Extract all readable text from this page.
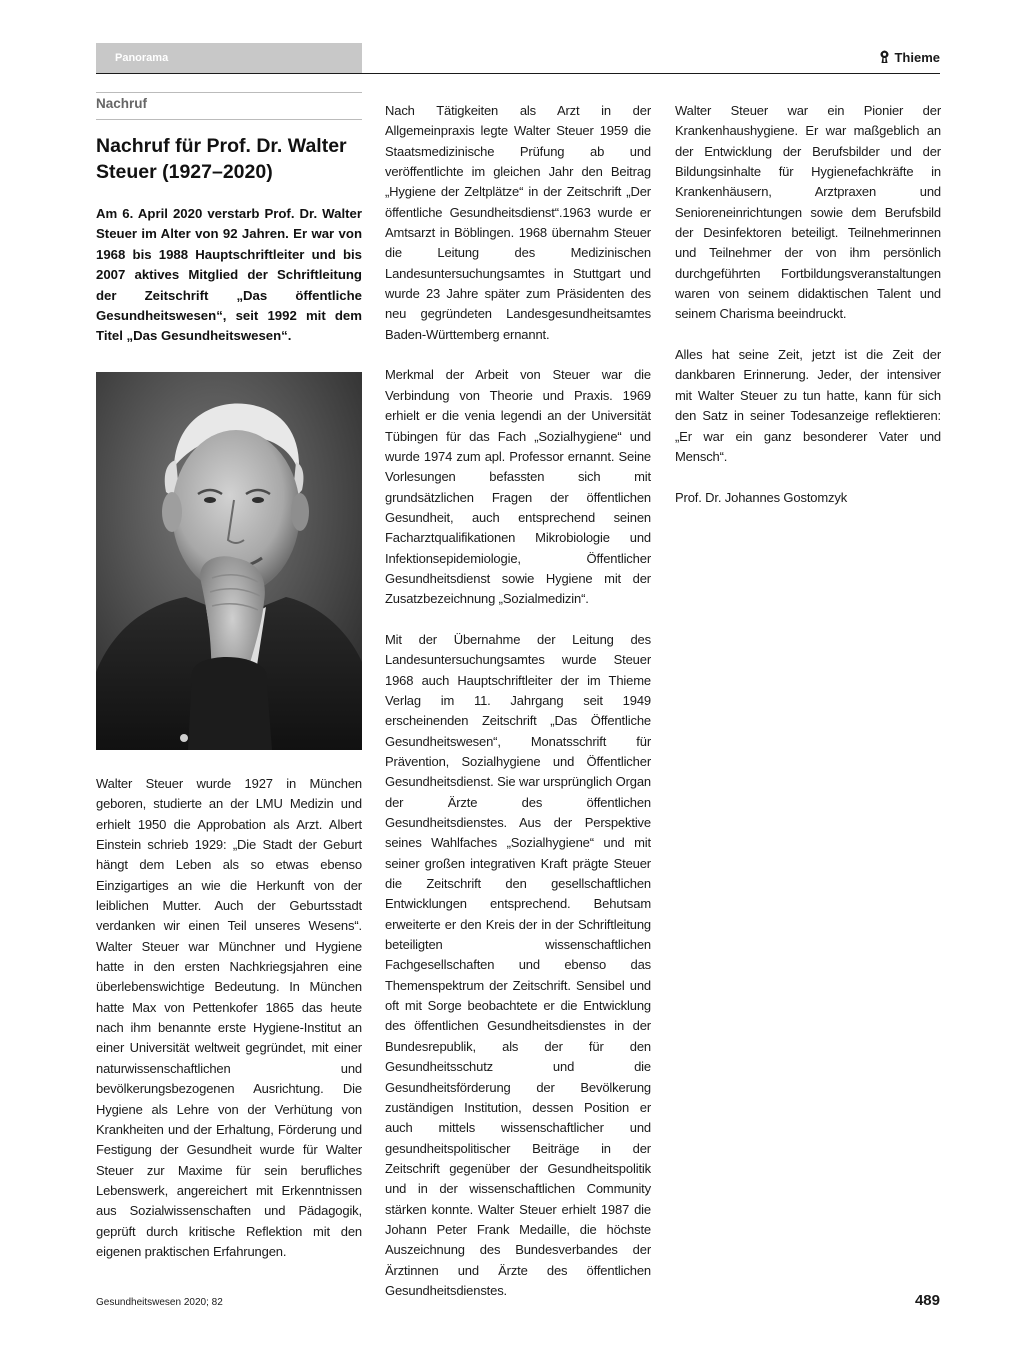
Panorama	Thieme
Nachruf
Nachruf für Prof. Dr. Walter Steuer (1927–2020)

Am 6. April 2020 verstarb Prof. Dr. Walter Steuer im Alter von 92 Jahren. Er war von 1968 bis 1988 Hauptschriftleiter und bis 2007 aktives Mitglied der Schriftleitung der Zeitschrift „Das öffentliche Gesundheitswesen“, seit 1992 mit dem Titel „Das Gesundheitswesen“.

Walter Steuer wurde 1927 in München geboren, studierte an der LMU Medizin und erhielt 1950 die Approbation als Arzt. Albert Einstein schrieb 1929: „Die Stadt der Geburt hängt dem Leben als so etwas ebenso Einzigartiges an wie die Herkunft von der leiblichen Mutter. Auch der Geburtsstadt verdanken wir einen Teil unseres Wesens“. Walter Steuer war Münchner und Hygiene hatte in den ersten Nachkriegsjahren eine überlebenswichtige Bedeutung. In München hatte Max von Pettenkofer 1865 das heute nach ihm benannte erste Hygiene-Institut an einer Universität weltweit gegründet, mit einer naturwissenschaftlichen und bevölkerungsbezogenen Ausrichtung. Die Hygiene als Lehre von der Verhütung von Krankheiten und der Erhaltung, Förderung und Festigung der Gesundheit wurde für Walter Steuer zur Maxime für sein berufliches Lebenswerk, angereichert mit Erkenntnissen aus Sozialwissenschaften und Pädagogik, geprüft durch kritische Reflektion mit den eigenen praktischen Erfahrungen.

Nach Tätigkeiten als Arzt in der Allgemeinpraxis legte Walter Steuer 1959 die Staatsmedizinische Prüfung ab und veröffentlichte im gleichen Jahr den Beitrag „Hygiene der Zeltplätze“ in der Zeitschrift „Der öffentliche Gesundheitsdienst“.1963 wurde er Amtsarzt in Böblingen. 1968 übernahm Steuer die Leitung des Medizinischen Landesuntersuchungsamtes in Stuttgart und wurde 23 Jahre später zum Präsidenten des neu gegründeten Landesgesundheitsamtes Baden-Württemberg ernannt.

Merkmal der Arbeit von Steuer war die Verbindung von Theorie und Praxis. 1969 erhielt er die venia legendi an der Universität Tübingen für das Fach „Sozialhygiene“ und wurde 1974 zum apl. Professor ernannt. Seine Vorlesungen befassten sich mit grundsätzlichen Fragen der öffentlichen Gesundheit, auch entsprechend seinen Facharztqualifikationen Mikrobiologie und Infektionsepidemiologie, Öffentlicher Gesundheitsdienst sowie Hygiene mit der Zusatzbezeichnung „Sozialmedizin“.

Mit der Übernahme der Leitung des Landesuntersuchungsamtes wurde Steuer 1968 auch Hauptschriftleiter der im Thieme Verlag im 11. Jahrgang seit 1949 erscheinenden Zeitschrift „Das Öffentliche Gesundheitswesen“, Monatsschrift für Prävention, Sozialhygiene und Öffentlicher Gesundheitsdienst. Sie war ursprünglich Organ der Ärzte des öffentlichen Gesundheitsdienstes. Aus der Perspektive seines Wahlfaches „Sozialhygiene“ und mit seiner großen integrativen Kraft prägte Steuer die Zeitschrift den gesellschaftlichen Entwicklungen entsprechend. Behutsam erweiterte er den Kreis der in der Schriftleitung beteiligten wissenschaftlichen Fachgesellschaften und ebenso das Themenspektrum der Zeitschrift. Sensibel und oft mit Sorge beobachtete er die Entwicklung des öffentlichen Gesundheitsdienstes in der Bundesrepublik, als der für den Gesundheitsschutz und die Gesundheitsförderung der Bevölkerung zuständigen Institution, dessen Position er auch mittels wissenschaftlicher und gesundheitspolitischer Beiträge in der Zeitschrift gegenüber der Gesundheitspolitik und in der wissenschaftlichen Community stärken konnte. Walter Steuer erhielt 1987 die Johann Peter Frank Medaille, die höchste Auszeichnung des Bundesverbandes der Ärztinnen und Ärzte des öffentlichen Gesundheitsdienstes.

Walter Steuer war ein Pionier der Krankenhaushygiene. Er war maßgeblich an der Entwicklung der Berufsbilder und der Bildungsinhalte für Hygienefachkräfte in Krankenhäusern, Arztpraxen und Senioreneinrichtungen sowie dem Berufsbild der Desinfektoren beteiligt. Teilnehmerinnen und Teilnehmer der von ihm persönlich durchgeführten Fortbildungsveranstaltungen waren von seinem didaktischen Talent und seinem Charisma beeindruckt.

Alles hat seine Zeit, jetzt ist die Zeit der dankbaren Erinnerung. Jeder, der intensiver mit Walter Steuer zu tun hatte, kann für sich den Satz in seiner Todesanzeige reflektieren: „Er war ein ganz besonderer Vater und Mensch“.

Prof. Dr. Johannes Gostomzyk

Gesundheitswesen 2020; 82	489
